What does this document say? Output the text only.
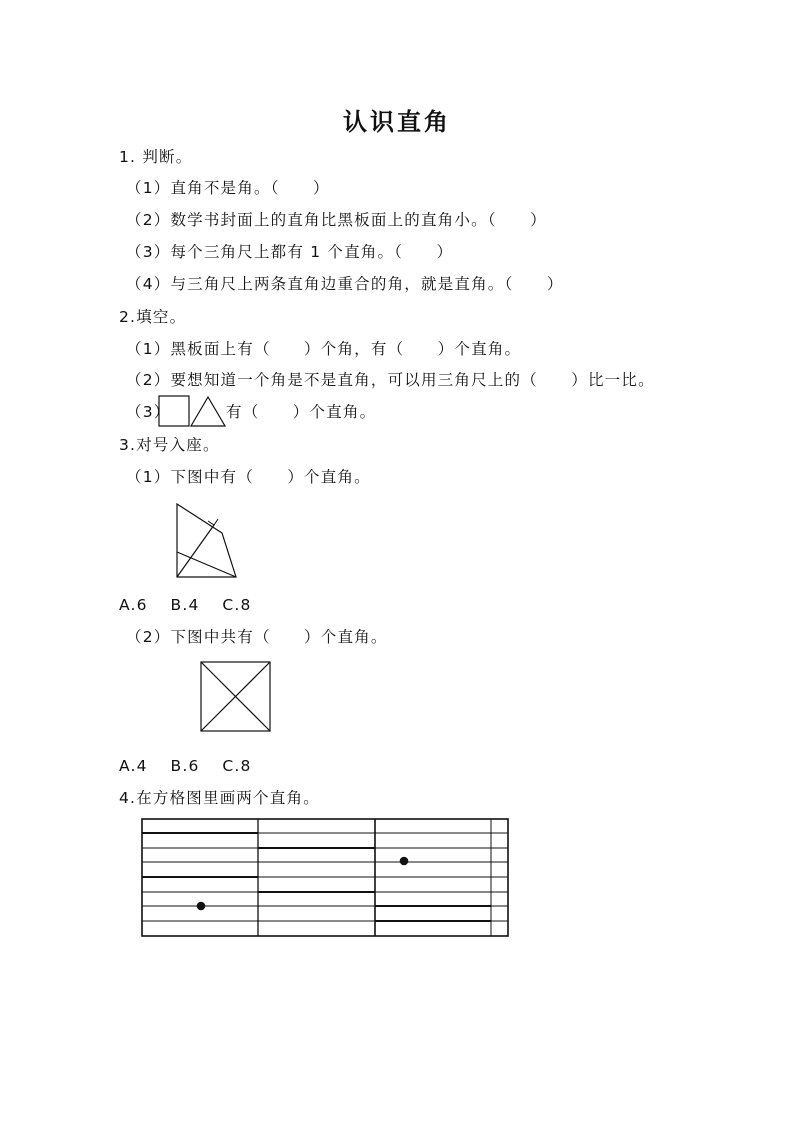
认识直角
1. 判断。
（1）直角不是角。（　　）
（2）数学书封面上的直角比黑板面上的直角小。（　　）
（3）每个三角尺上都有 1 个直角。（　　）
（4）与三角尺上两条直角边重合的角，就是直角。（　　）
2.填空。
（1）黑板面上有（　　）个角，有（　　）个直角。
（2）要想知道一个角是不是直角，可以用三角尺上的（　　）比一比。
（3）	有（　　）个直角。
3.对号入座。
（1）下图中有（　　）个直角。
A.6　 B.4　 C.8
（2）下图中共有（　　）个直角。
A.4　 B.6　 C.8
4.在方格图里画两个直角。
